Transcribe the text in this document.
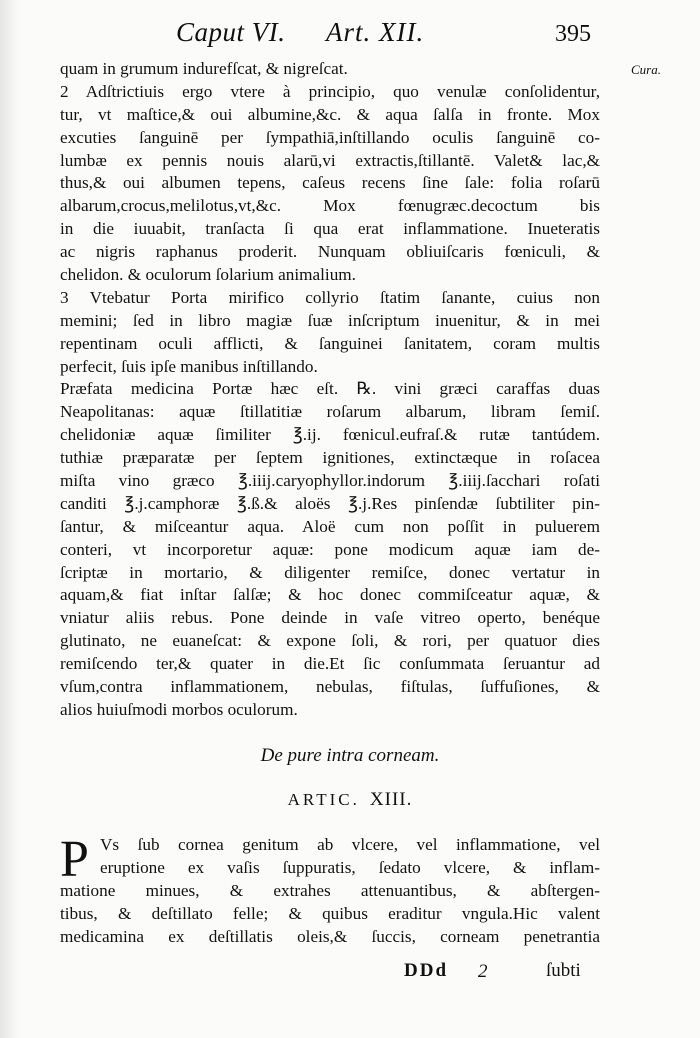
Caput VI. Art. XII.	395
Cura.
quam in grumum indurefſcat, & nigreſcat.
2 Adſtrictiuis ergo vtere à principio, quo venulæ conſolidentur,
tur, vt maſtice,& oui albumine,&c. & aqua ſalſa in fronte. Mox
excuties ſanguinē per ſympathiā,inſtillando oculis ſanguinē co-
lumbæ ex pennis nouis alarū,vi extractis,ſtillantē. Valet& lac,&
thus,& oui albumen tepens, caſeus recens ſine ſale: folia roſarū
albarum,crocus,melilotus,vt,&c. Mox fœnugræc.decoctum bis
in die iuuabit, tranſacta ſi qua erat inflammatione. Inueteratis
ac nigris raphanus proderit. Nunquam obliuiſcaris fœniculi, &
chelidon. & oculorum ſolarium animalium.
3 Vtebatur Porta mirifico collyrio ſtatim ſanante, cuius non
memini; ſed in libro magiæ ſuæ inſcriptum inuenitur, & in mei
repentinam oculi afflicti, & ſanguinei ſanitatem, coram multis
perfecit, ſuis ipſe manibus inſtillando.
Præfata medicina Portæ hæc eſt. ℞. vini græci caraffas duas
Neapolitanas: aquæ ſtillatitiæ roſarum albarum, libram ſemiſ.
chelidoniæ aquæ ſimiliter ℥.ij. fœnicul.eufraſ.& rutæ tantúdem.
tuthiæ præparatæ per ſeptem ignitiones, extinctæque in roſacea
miſta vino græco ℥.iiij.caryophyllor.indorum ℥.iiij.ſacchari roſati
canditi ℥.j.camphoræ ℥.ß.& aloës ℥.j.Res pinſendæ ſubtiliter pin-
ſantur, & miſceantur aqua. Aloë cum non poſſit in puluerem
conteri, vt incorporetur aquæ: pone modicum aquæ iam de-
ſcriptæ in mortario, & diligenter remiſce, donec vertatur in
aquam,& fiat inſtar ſalſæ; & hoc donec commiſceatur aquæ, &
vniatur aliis rebus. Pone deinde in vaſe vitreo operto, benéque
glutinato, ne euaneſcat: & expone ſoli, & rori, per quatuor dies
remiſcendo ter,& quater in die.Et ſic conſummata ſeruantur ad
vſum,contra inflammationem, nebulas, fiſtulas, ſuffuſiones, &
alios huiuſmodi morbos oculorum.
De pure intra corneam.
ARTIC. XIII.
P Vs ſub cornea genitum ab vlcere, vel inflammatione, vel
eruptione ex vaſis ſuppuratis, ſedato vlcere, & inflam-
matione minues, & extrahes attenuantibus, & abſtergen-
tibus, & deſtillato felle; & quibus eraditur vngula.Hic valent
medicamina ex deſtillatis oleis,& ſuccis, corneam penetrantia
DDd 2	ſubti
